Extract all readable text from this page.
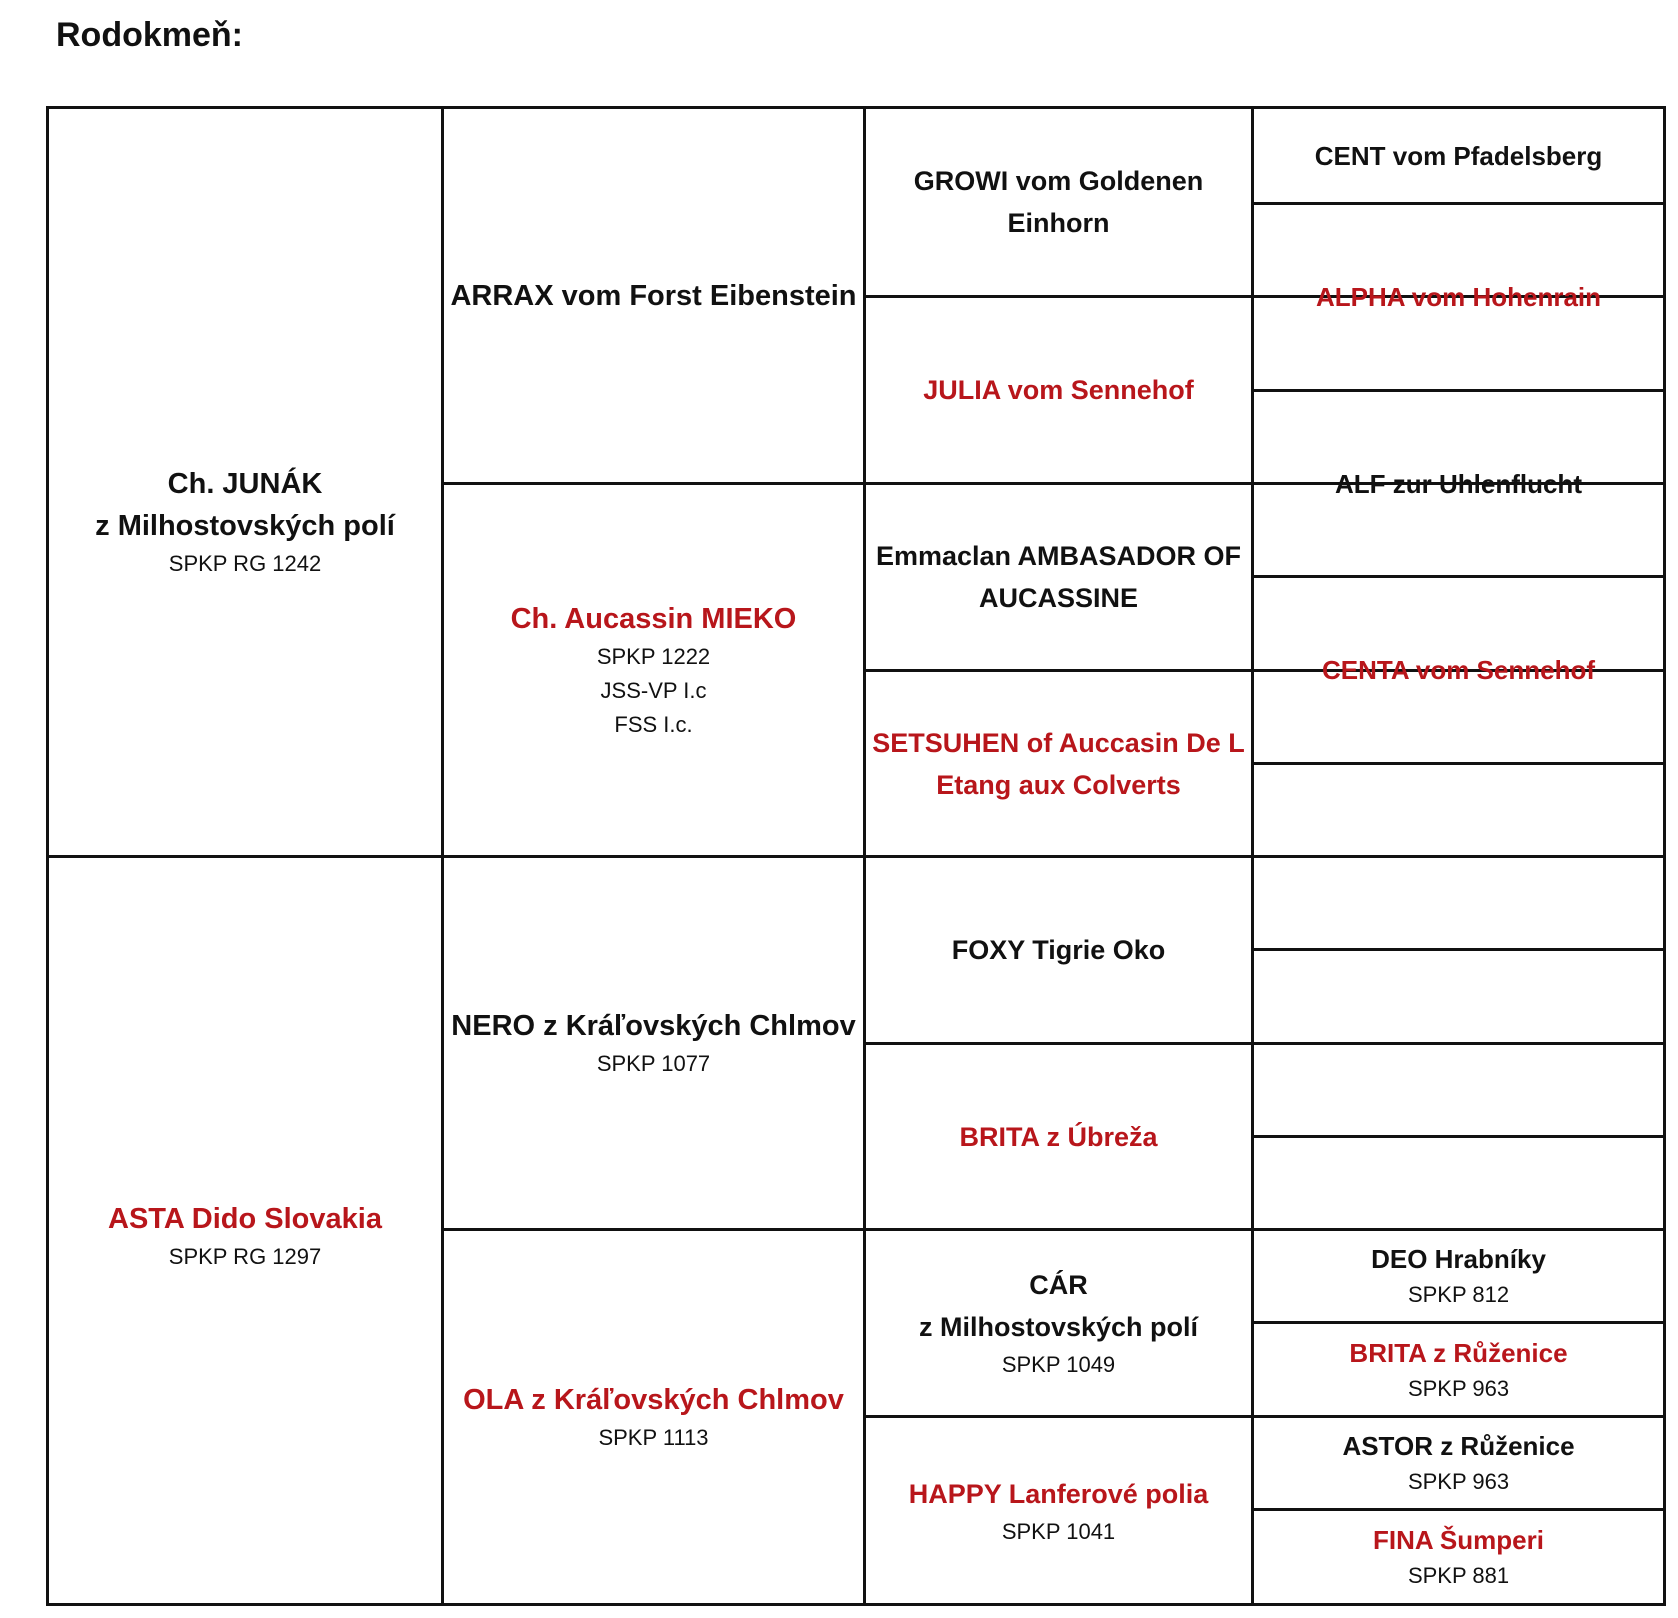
Rodokmeň:
Ch. JUNÁK
z Milhostovských polí
SPKP RG 1242
ASTA Dido Slovakia
SPKP RG 1297
ARRAX vom Forst Eibenstein
Ch. Aucassin MIEKO
SPKP 1222
JSS-VP I.c
FSS I.c.
NERO z Kráľovských Chlmov
SPKP 1077
OLA z Kráľovských Chlmov
SPKP 1113
GROWI vom Goldenen
Einhorn
JULIA vom Sennehof
Emmaclan AMBASADOR OF
AUCASSINE
SETSUHEN of Auccasin De L
Etang aux Colverts
FOXY Tigrie Oko
BRITA z Úbreža
CÁR
z Milhostovských polí
SPKP 1049
HAPPY Lanferové polia
SPKP 1041
CENT vom Pfadelsberg
ALPHA vom Hohenrain
ALF zur Uhlenflucht
CENTA vom Sennehof
DEO Hrabníky
SPKP 812
BRITA z Růženice
SPKP 963
ASTOR z Růženice
SPKP 963
FINA Šumperi
SPKP 881
